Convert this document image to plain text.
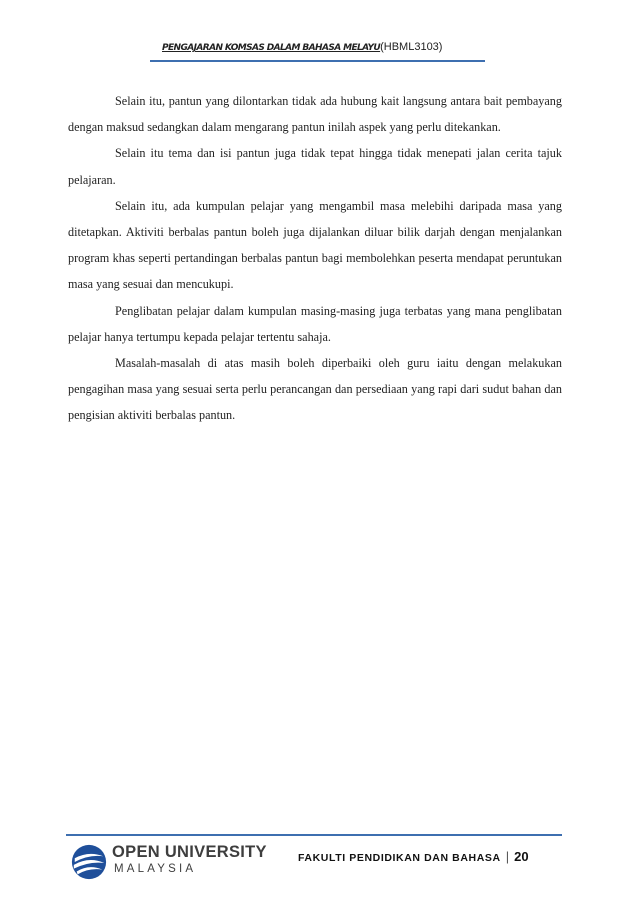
PENGAJARAN KOMSAS DALAM BAHASA MELAYU(HBML3103)

Selain itu, pantun yang dilontarkan tidak ada hubung kait langsung antara bait pembayang dengan maksud sedangkan dalam mengarang pantun inilah aspek yang perlu ditekankan.

Selain itu tema dan isi pantun juga tidak tepat hingga tidak menepati jalan cerita tajuk pelajaran.

Selain itu, ada kumpulan pelajar yang mengambil masa melebihi daripada masa yang ditetapkan. Aktiviti berbalas pantun boleh juga dijalankan diluar bilik darjah dengan menjalankan program khas seperti pertandingan berbalas pantun bagi membolehkan peserta mendapat peruntukan masa yang sesuai dan mencukupi.

Penglibatan pelajar dalam kumpulan masing-masing juga terbatas yang mana penglibatan pelajar hanya tertumpu kepada pelajar tertentu sahaja.

Masalah-masalah di atas masih boleh diperbaiki oleh guru iaitu dengan melakukan pengagihan masa yang sesuai serta perlu perancangan dan persediaan yang rapi dari sudut bahan dan pengisian aktiviti berbalas pantun.

OPEN UNIVERSITY
MALAYSIA
FAKULTI PENDIDIKAN DAN BAHASA | 20
